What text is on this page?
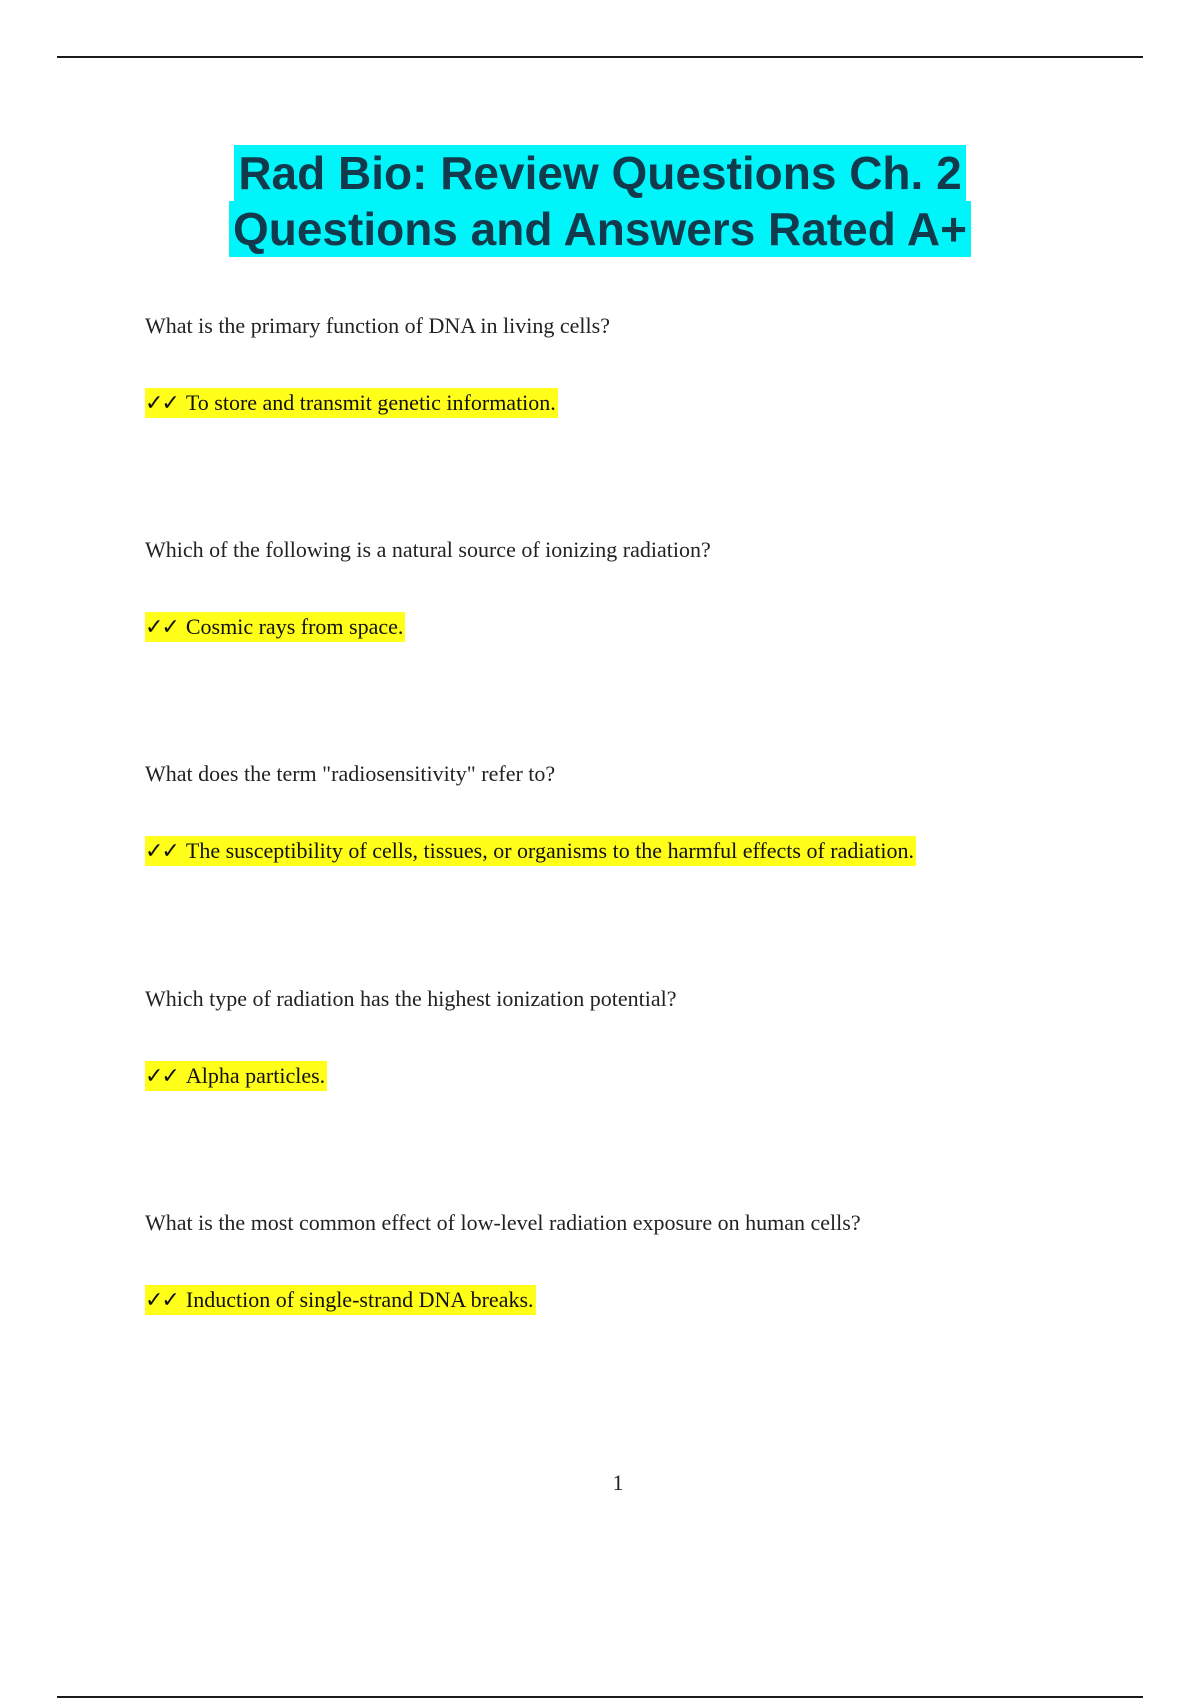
Rad Bio: Review Questions Ch. 2
Questions and Answers Rated A+
What is the primary function of DNA in living cells?
✓✓ To store and transmit genetic information.
Which of the following is a natural source of ionizing radiation?
✓✓ Cosmic rays from space.
What does the term "radiosensitivity" refer to?
✓✓ The susceptibility of cells, tissues, or organisms to the harmful effects of radiation.
Which type of radiation has the highest ionization potential?
✓✓ Alpha particles.
What is the most common effect of low-level radiation exposure on human cells?
✓✓ Induction of single-strand DNA breaks.
1
